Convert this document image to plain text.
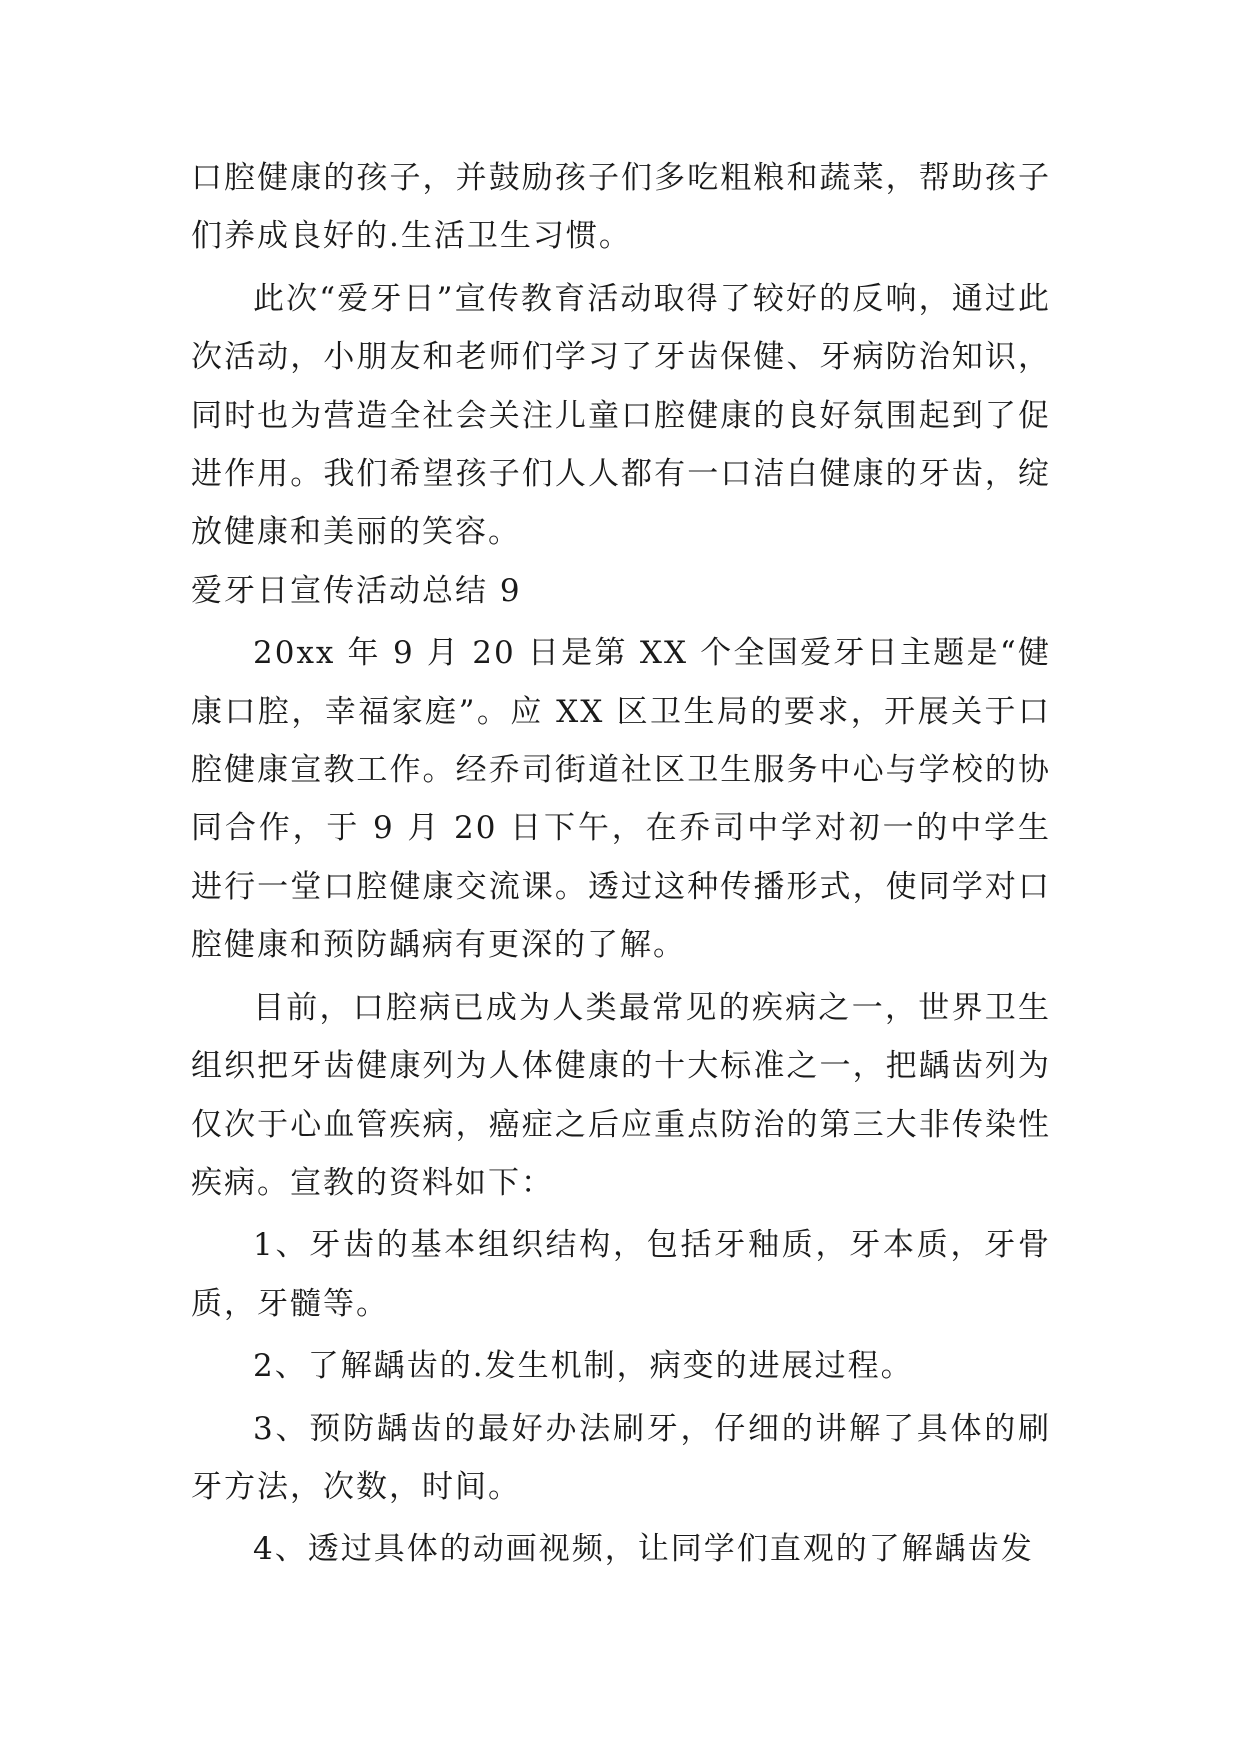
口腔健康的孩子，并鼓励孩子们多吃粗粮和蔬菜，帮助孩子们养成良好的.生活卫生习惯。

此次“爱牙日”宣传教育活动取得了较好的反响，通过此次活动，小朋友和老师们学习了牙齿保健、牙病防治知识，同时也为营造全社会关注儿童口腔健康的良好氛围起到了促进作用。我们希望孩子们人人都有一口洁白健康的牙齿，绽放健康和美丽的笑容。

爱牙日宣传活动总结 9

20xx 年 9 月 20 日是第 XX 个全国爱牙日主题是“健康口腔，幸福家庭”。应 XX 区卫生局的要求，开展关于口腔健康宣教工作。经乔司街道社区卫生服务中心与学校的协同合作，于 9 月 20 日下午，在乔司中学对初一的中学生进行一堂口腔健康交流课。透过这种传播形式，使同学对口腔健康和预防龋病有更深的了解。

目前，口腔病已成为人类最常见的疾病之一，世界卫生组织把牙齿健康列为人体健康的十大标准之一，把龋齿列为仅次于心血管疾病，癌症之后应重点防治的第三大非传染性疾病。宣教的资料如下：

1、牙齿的基本组织结构，包括牙釉质，牙本质，牙骨质，牙髓等。

2、了解龋齿的.发生机制，病变的进展过程。

3、预防龋齿的最好办法刷牙，仔细的讲解了具体的刷牙方法，次数，时间。

4、透过具体的动画视频，让同学们直观的了解龋齿发
